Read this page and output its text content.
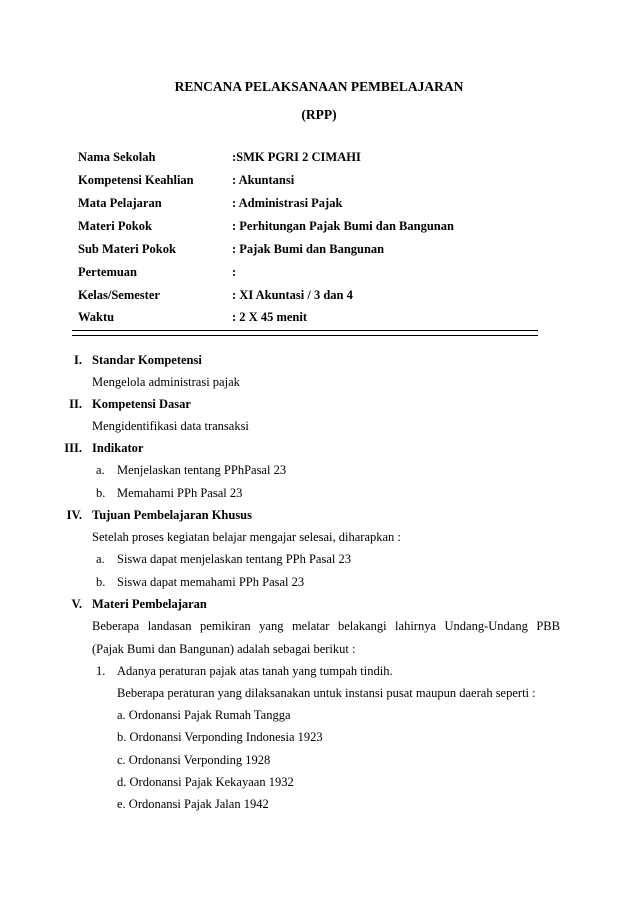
RENCANA PELAKSANAAN PEMBELAJARAN
(RPP)
Nama Sekolah	:SMK PGRI 2 CIMAHI
Kompetensi Keahlian	: Akuntansi
Mata Pelajaran	: Administrasi Pajak
Materi Pokok	: Perhitungan Pajak Bumi dan Bangunan
Sub Materi Pokok	: Pajak Bumi dan Bangunan
Pertemuan	:
Kelas/Semester	: XI Akuntasi / 3 dan 4
Waktu	: 2 X 45 menit
I. Standar Kompetensi
Mengelola administrasi pajak
II. Kompetensi Dasar
Mengidentifikasi data transaksi
III. Indikator
a. Menjelaskan tentang PPhPasal 23
b. Memahami PPh Pasal 23
IV. Tujuan Pembelajaran Khusus
Setelah proses kegiatan belajar mengajar selesai, diharapkan :
a. Siswa dapat menjelaskan tentang PPh Pasal 23
b. Siswa dapat memahami PPh Pasal 23
V. Materi Pembelajaran
Beberapa landasan pemikiran yang melatar belakangi lahirnya Undang-Undang PBB
(Pajak Bumi dan Bangunan) adalah sebagai berikut :
1. Adanya peraturan pajak atas tanah yang tumpah tindih.
Beberapa peraturan yang dilaksanakan untuk instansi pusat maupun daerah seperti :
a. Ordonansi Pajak Rumah Tangga
b. Ordonansi Verponding Indonesia 1923
c. Ordonansi Verponding 1928
d. Ordonansi Pajak Kekayaan 1932
e. Ordonansi Pajak Jalan 1942
